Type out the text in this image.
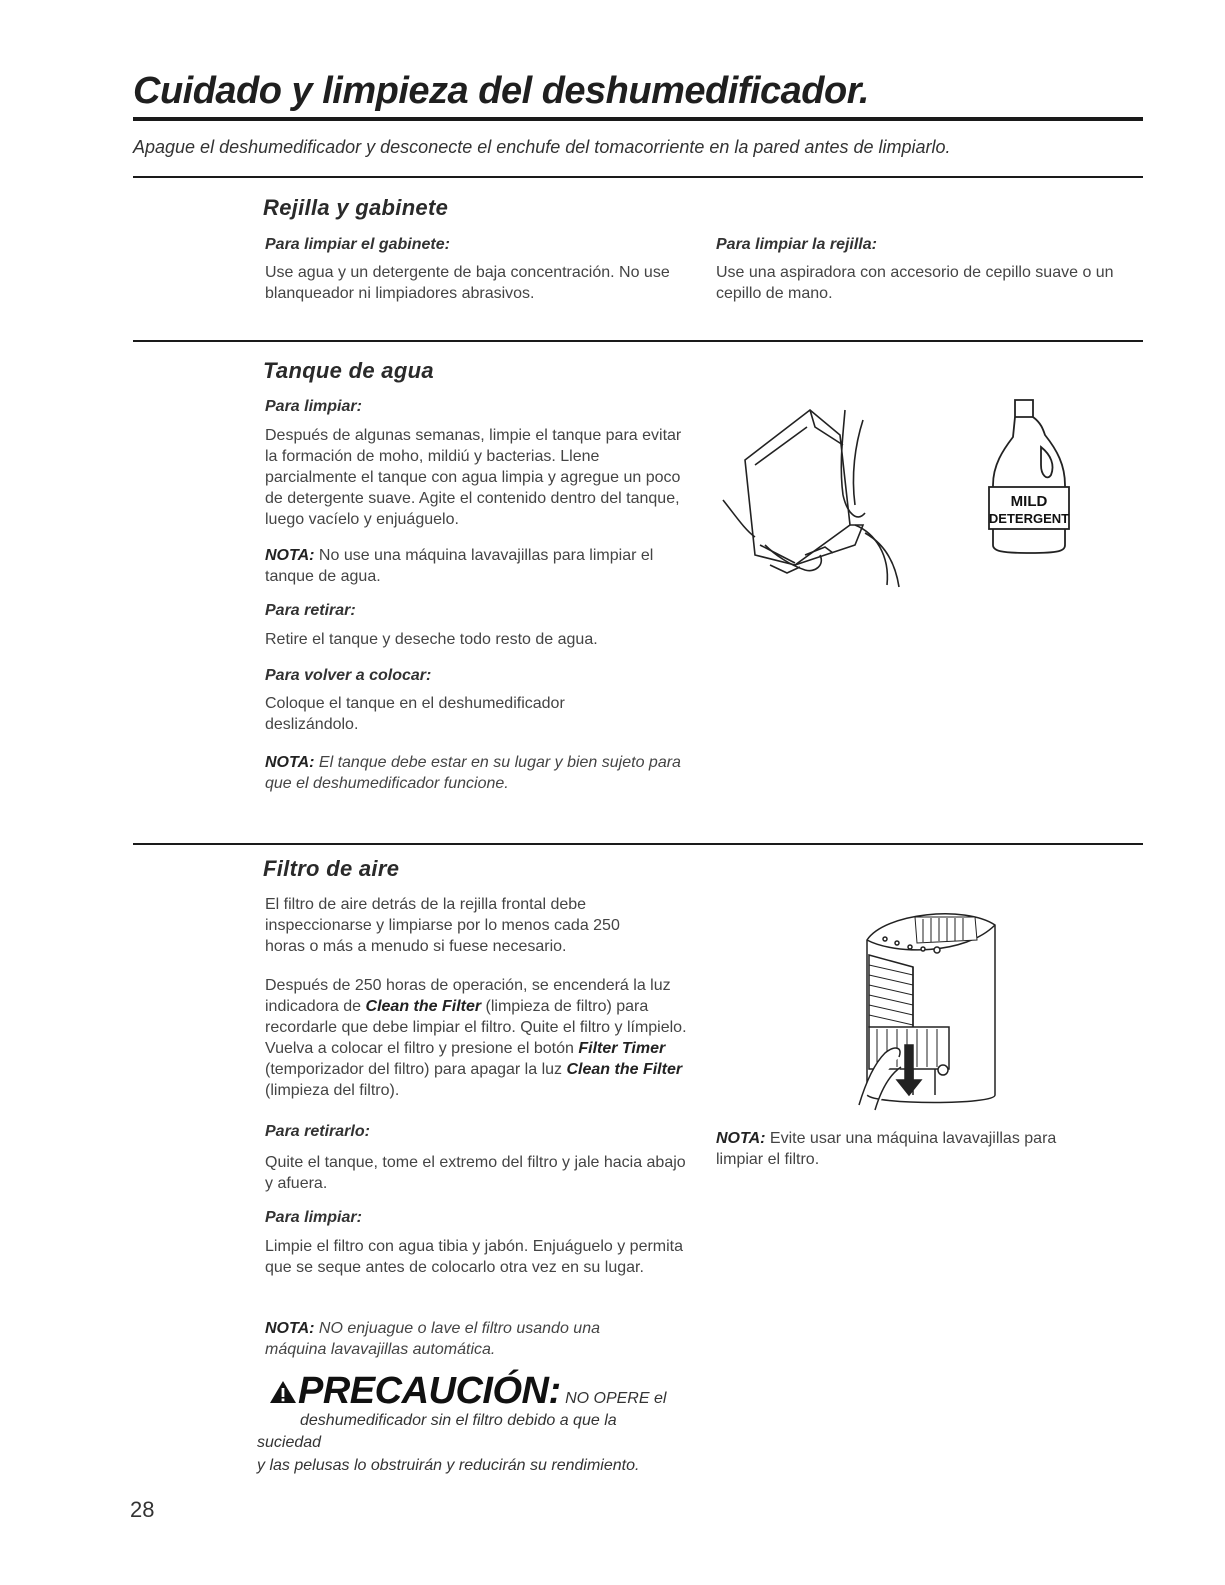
Cuidado y limpieza del deshumedificador.

Apague el deshumedificador y desconecte el enchufe del tomacorriente en la pared antes de limpiarlo.

Rejilla y gabinete

Para limpiar el gabinete:

Use agua y un detergente de baja concentración. No use blanqueador ni limpiadores abrasivos.

Para limpiar la rejilla:

Use una aspiradora con accesorio de cepillo suave o un cepillo de mano.

Tanque de agua

Para limpiar:

Después de algunas semanas, limpie el tanque para evitar la formación de moho, mildiú y bacterias. Llene parcialmente el tanque con agua limpia y agregue un poco de detergente suave. Agite el contenido dentro del tanque, luego vacíelo y enjuáguelo.

NOTA: No use una máquina lavavajillas para limpiar el tanque de agua.

Para retirar:

Retire el tanque y deseche todo resto de agua.

Para volver a colocar:

Coloque el tanque en el deshumedificador deslizándolo.

NOTA: El tanque debe estar en su lugar y bien sujeto para que el deshumedificador funcione.

MILD
DETERGENT
Filtro de aire

El filtro de aire detrás de la rejilla frontal debe inspeccionarse y limpiarse por lo menos cada 250 horas o más a menudo si fuese necesario.

Después de 250 horas de operación, se encenderá la luz indicadora de Clean the Filter (limpieza de filtro) para recordarle que debe limpiar el filtro. Quite el filtro y límpielo. Vuelva a colocar el filtro y presione el botón Filter Timer (temporizador del filtro) para apagar la luz Clean the Filter (limpieza del filtro).

Para retirarlo:

Quite el tanque, tome el extremo del filtro y jale hacia abajo y afuera.

Para limpiar:

Limpie el filtro con agua tibia y jabón. Enjuáguelo y permita que se seque antes de colocarlo otra vez en su lugar.

NOTA: NO enjuague o lave el filtro usando una máquina lavavajillas automática.

PRECAUCIÓN: NO OPERE el

deshumedificador sin el filtro debido a que la

suciedad

y las pelusas lo obstruirán y reducirán su rendimiento.

NOTA: Evite usar una máquina lavavajillas para limpiar el filtro.

28
